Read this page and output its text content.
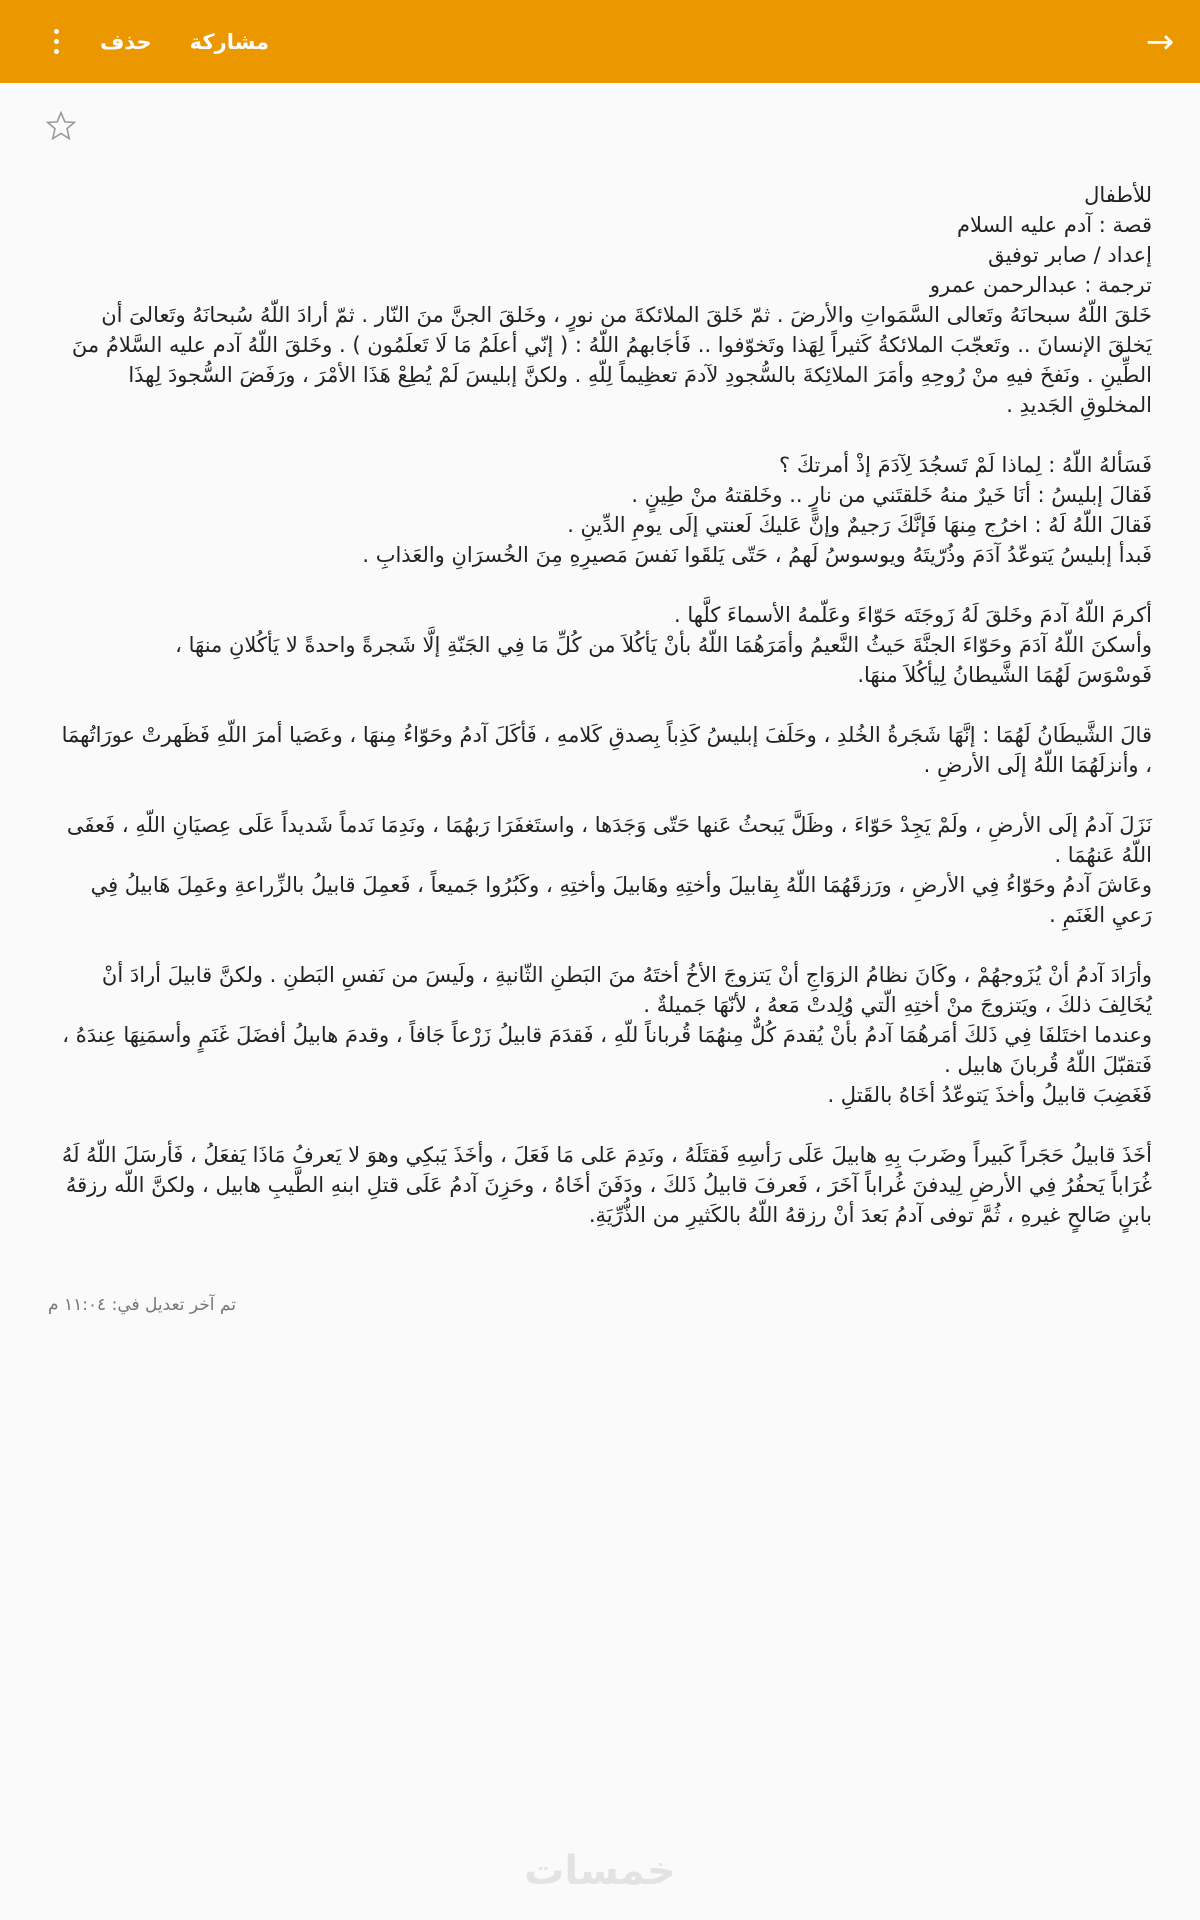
→
حذف مشاركة
للأطفال
قصة : آدم عليه السلام
إعداد / صابر توفيق
ترجمة : عبدالرحمن عمرو
خَلقَ اللّهُ سبحانَهُ وتَعالى السَّمَواتِ والأرضَ . ثمّ خَلقَ الملائكةَ من نورٍ ، وخَلقَ الجنَّ منَ النّار . ثمّ أرادَ اللّهُ سُبحانَهُ وتَعالىَ أن يَخلقَ الإنسانَ .. وتَعجّبَ الملائكةُ كَثيراً لِهَذا وتَخوّفوا .. فَأجَابهمُ اللّهُ : ( إنّي أعلَمُ مَا لَا تَعلَمُون ) . وخَلقَ اللّهُ آدم عليه السَّلامُ منَ الطِّينِ . ونَفخَ فيهِ منْ رُوحِهِ وأمَرَ الملائِكةَ بالسُّجودِ لآدمَ تعظِيماً لِلّهِ . ولكنَّ إبليسَ لَمْ يُطِعْ هَذَا الأمْرَ ، ورَفَضَ السُّجودَ لِهذَا المخلوقِ الجَديدِ .

فَسَألهُ اللّهُ : لِماذا لَمْ تَسجُدَ لِآدَمَ إذْ أمرتكَ ؟
فَقالَ إبليسُ : أنَا خَيرٌ منهُ خَلقتَني من نارٍ .. وخَلقتهُ منْ طِينٍ .
فَقالَ اللّهُ لَهُ : اخرُج مِنهَا فَإنَّكَ رَجيمٌ وإنَّ عَليكَ لَعنتي إلَى يومِ الدِّينِ .
فَبدأ إبليسُ يَتوعّدُ آدَمَ وذُرّيتَهُ ويوسوسُ لَهمُ ، حَتّى يَلقَوا نَفسَ مَصيرِهِ مِنَ الخُسرَانِ والعَذابِ .

أكرمَ اللّهُ آدمَ وخَلقَ لَهُ زَوجَتَه حَوّاءَ وعَلّمهُ الأسماءَ كلَّها .
وأسكنَ اللّهُ آدَمَ وحَوّاءَ الجنَّةَ حَيثُ النَّعيمُ وأمَرَهُمَا اللّهُ بأنْ يَأكُلاَ من كُلِّ مَا فِي الجَنّةِ إلَّا شَجرةً واحدةً لا يَأكُلانِ منهَا ،
فَوسْوَسَ لَهُمَا الشَّيطانُ لِيأكُلاَ منهَا.

قالَ الشَّيطَانُ لَهُمَا : إنَّهَا شَجَرةُ الخُلدِ ، وحَلَفَ إبليسُ كَذِباً بِصدقِ كَلامهِ ، فَأكَلَ آدمُ وحَوّاءُ مِنهَا ، وعَصَيا أمرَ اللّهِ فَظَهرتْ عورَاتُهمَا ، وأنزلَهُمَا اللّهُ إلَى الأرضِ .

نَزَلَ آدمُ إلَى الأرضِ ، ولَمْ يَجِدْ حَوّاءَ ، وظَلَّ يَبحثُ عَنها حَتّى وَجَدَها ، واستَغفَرَا رَبهُمَا ، ونَدِمَا نَدماً شَديداً عَلَى عِصيَانِ اللّهِ ، فَعفَى اللّهُ عَنهُمَا .
وعَاشَ آدمُ وحَوّاءُ فِي الأرضِ ، ورَزقَهُمَا اللّهُ بِقابيلَ وأختِهِ وهَابيلَ وأختِهِ ، وكَبُرُوا جَميعاً ، فَعمِلَ قابيلُ بالزِّراعةِ وعَمِلَ هَابيلُ فِي رَعيِ الغَنَمِ .

وأرَادَ آدمُ أنْ يُزَوجهُمْ ، وكَانَ نظامُ الزوَاجِ أنْ يَتزوجَ الأخُ أختَهُ منَ البَطنِ الثّانيةِ ، ولَيسَ من نَفسِ البَطنِ . ولكنَّ قابيلَ أرادَ أنْ يُخَالِفَ ذلكَ ، ويَتزوجَ منْ أختِهِ الّتي وُلِدتْ مَعهُ ، لأنّهَا جَميلةٌ .
وعندما اختَلفَا فِي ذَلكَ أمَرهُمَا آدمُ بأنْ يُقدمَ كُلٌّ مِنهُمَا قُرباناً للّهِ ، فَقدَمَ قابيلُ زَرْعاً جَافاً ، وقدمَ هابيلُ أفضَلَ غَنَمٍ وأسمَنِهَا عِندَهُ ، فَتقبّلَ اللّهُ قُربانَ هابيل .
فَغَضِبَ قابيلُ وأخذَ يَتوعّدُ أخَاهُ بالقَتلِ .

أخَذَ قابيلُ حَجَراً كَبيراً وضَربَ بِهِ هابيلَ عَلَى رَأسِهِ فَقتَلَهُ ، ونَدِمَ عَلى مَا فَعَلَ ، وأخَذَ يَبكِي وهوَ لا يَعرفُ مَاذَا يَفعَلُ ، فَأرسَلَ اللّهُ لَهُ غُرَاباً يَحفُرُ فِي الأرضِ لِيدفنَ غُراباً آخَرَ ، فَعرفَ قابيلُ ذَلكَ ، ودَفَنَ أخَاهُ ، وحَزِنَ آدمُ عَلَى قتلِ ابنهِ الطَّيبِ هابيل ، ولكنَّ اللّه رزقهُ بابنٍ صَالحٍ غيرهِ ، ثُمَّ توفى آدمُ بَعدَ أنْ رزقهُ اللّهُ بالكَثيرِ من الذُّرِّيَةِ.
تم آخر تعديل في: ١١:٠٤ م
خمسات
